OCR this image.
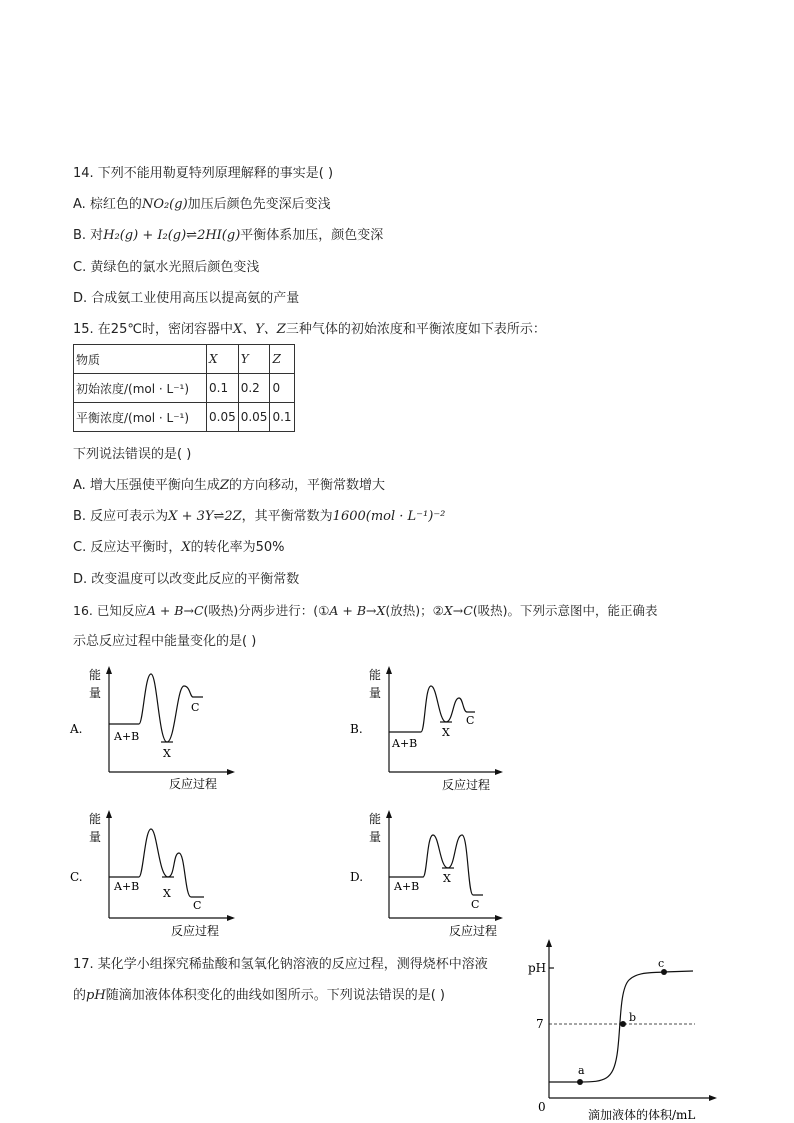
14. 下列不能用勒夏特列原理解释的事实是( )
A. 棕红色的NO₂(g)加压后颜色先变深后变浅
B. 对H₂(g) + I₂(g)⇌2HI(g)平衡体系加压，颜色变深
C. 黄绿色的氯水光照后颜色变浅
D. 合成氨工业使用高压以提高氨的产量
15. 在25℃时，密闭容器中X、Y、Z三种气体的初始浓度和平衡浓度如下表所示：
物质	X	Y	Z
初始浓度/(mol · L⁻¹)	0.1	0.2	0
平衡浓度/(mol · L⁻¹)	0.05	0.05	0.1
下列说法错误的是( )
A. 增大压强使平衡向生成Z的方向移动，平衡常数增大
B. 反应可表示为X + 3Y⇌2Z，其平衡常数为1600(mol · L⁻¹)⁻²
C. 反应达平衡时，X的转化率为50%
D. 改变温度可以改变此反应的平衡常数
16. 已知反应A + B→C(吸热)分两步进行：(①A + B→X(放热)；②X→C(吸热)。下列示意图中，能正确表
示总反应过程中能量变化的是( )
A.
能
量
A+B
X
C
反应过程
B.
能
量
A+B
X
C
反应过程
C.
能
量
A+B
X
C
反应过程
D.
能
量
A+B
X
C
反应过程
17. 某化学小组探究稀盐酸和氢氧化钠溶液的反应过程，测得烧杯中溶液
的pH随滴加液体体积变化的曲线如图所示。下列说法错误的是( )
pH
7
0
a
b
c
滴加液体的体积/mL
